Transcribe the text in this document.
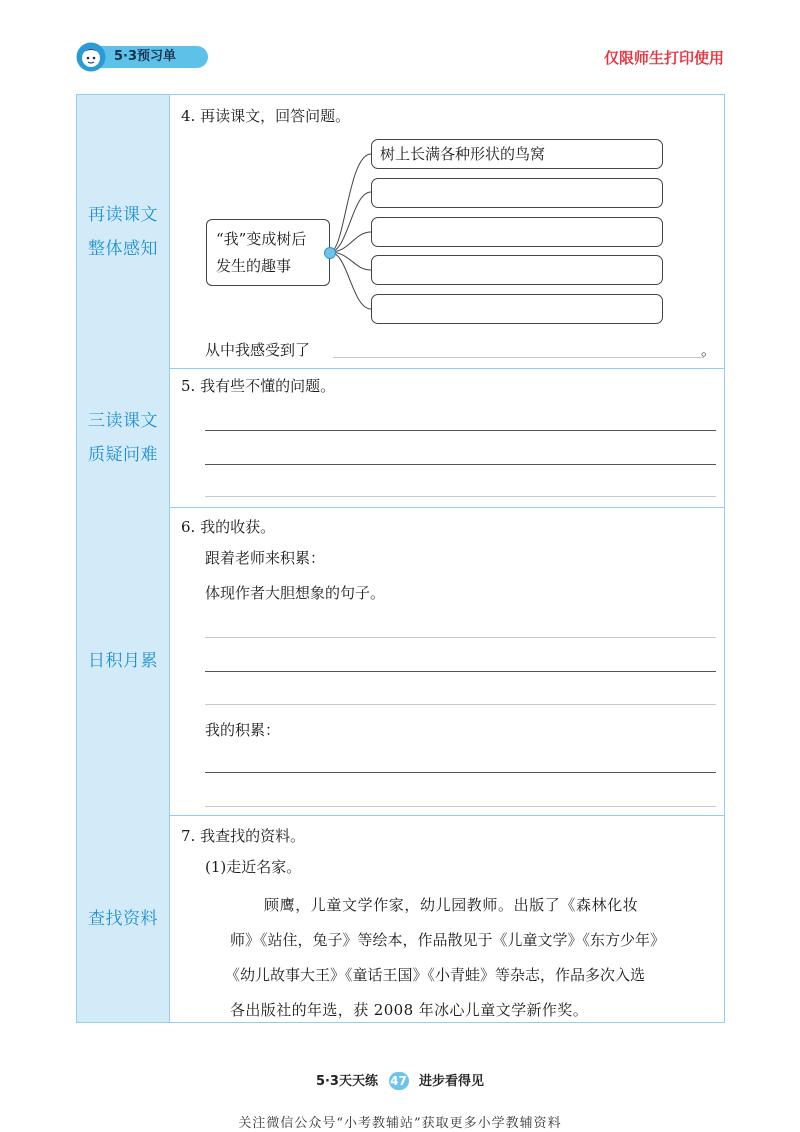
5·3预习单	仅限师生打印使用
再读课文
整体感知
4. 再读课文，回答问题。
“我”变成树后
发生的趣事
树上长满各种形状的鸟窝
从中我感受到了	。
三读课文
质疑问难
5. 我有些不懂的问题。
日积月累
6. 我的收获。
跟着老师来积累：
体现作者大胆想象的句子。
我的积累：
查找资料
7. 我查找的资料。
(1)走近名家。
顾鹰，儿童文学作家，幼儿园教师。出版了《森林化妆
师》《站住，兔子》等绘本，作品散见于《儿童文学》《东方少年》
《幼儿故事大王》《童话王国》《小青蛙》等杂志，作品多次入选
各出版社的年选，获 2008 年冰心儿童文学新作奖。
5·3天天练 47 进步看得见
关注微信公众号“小考教辅站”获取更多小学教辅资料
